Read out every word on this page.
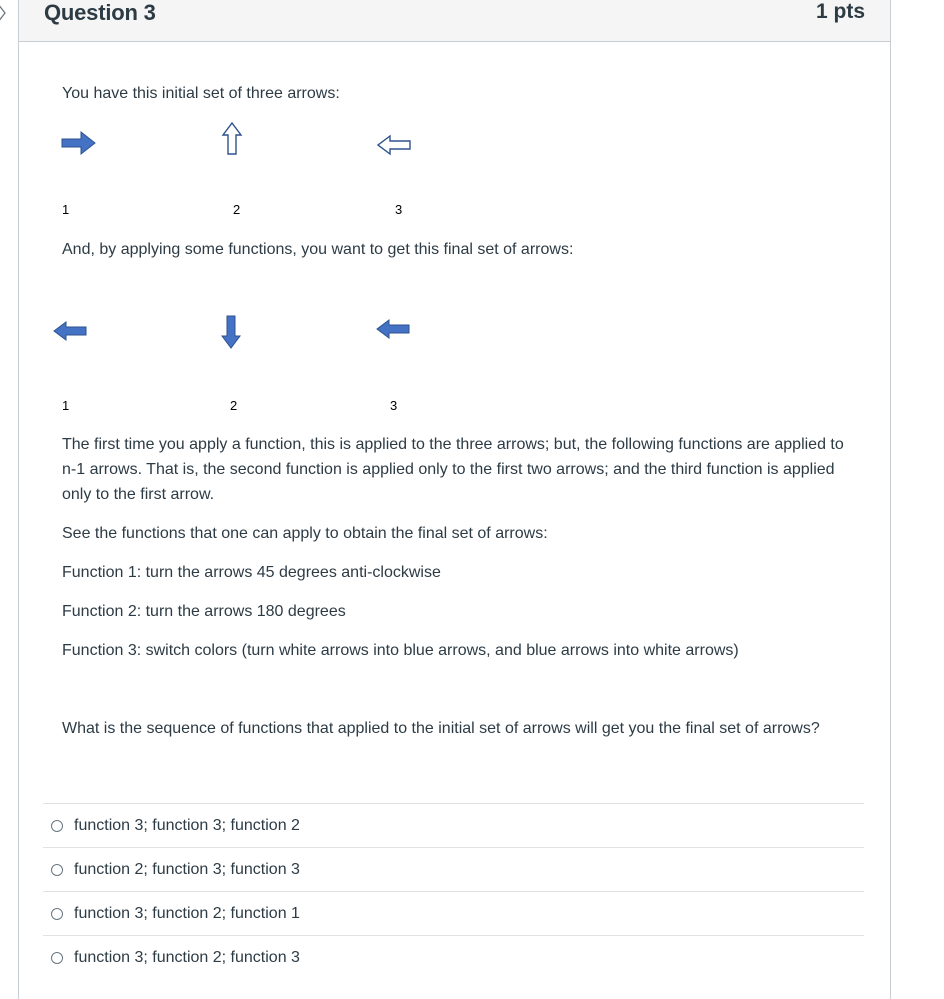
Question 3	1 pts
You have this initial set of three arrows:
1	2	3
And, by applying some functions, you want to get this final set of arrows:
1	2	3
The first time you apply a function, this is applied to the three arrows; but, the following functions are applied to n-1 arrows. That is, the second function is applied only to the first two arrows; and the third function is applied only to the first arrow.
See the functions that one can apply to obtain the final set of arrows:
Function 1: turn the arrows 45 degrees anti-clockwise
Function 2: turn the arrows 180 degrees
Function 3: switch colors (turn white arrows into blue arrows, and blue arrows into white arrows)
What is the sequence of functions that applied to the initial set of arrows will get you the final set of arrows?
function 3; function 3; function 2
function 2; function 3; function 3
function 3; function 2; function 1
function 3; function 2; function 3
